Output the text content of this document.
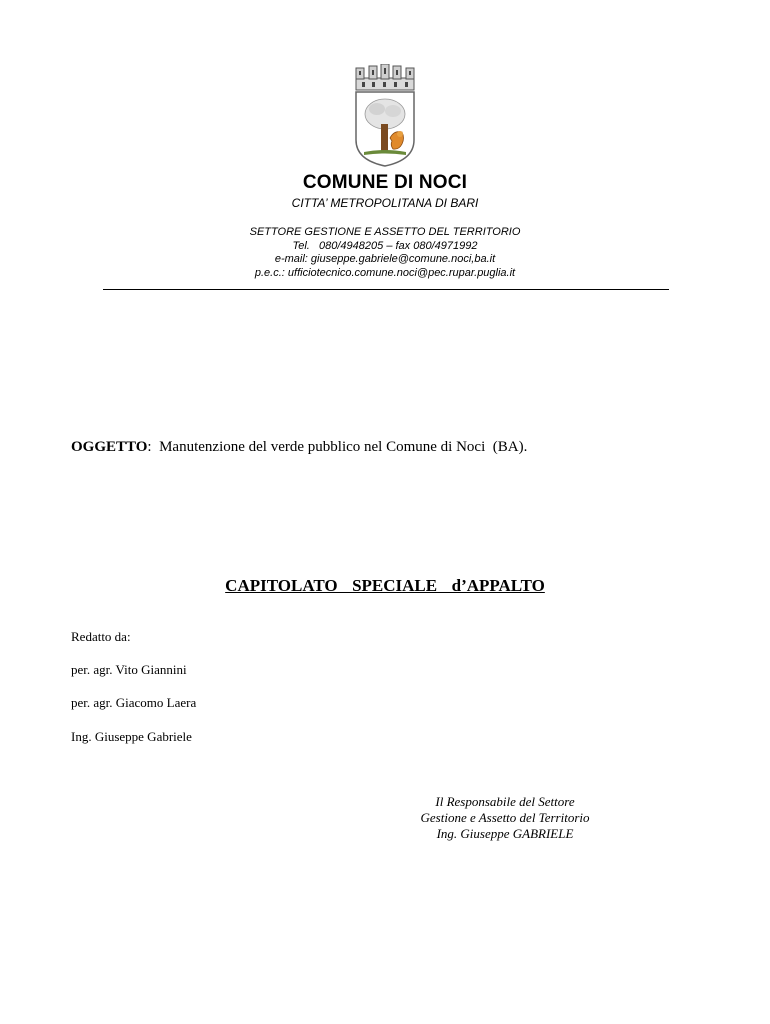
COMUNE DI NOCI
CITTA’ METROPOLITANA DI BARI
SETTORE GESTIONE E ASSETTO DEL TERRITORIO
Tel.   080/4948205 – fax 080/4971992
e-mail: giuseppe.gabriele@comune.noci,ba.it
p.e.c.: ufficiotecnico.comune.noci@pec.rupar.puglia.it
OGGETTO: Manutenzione del verde pubblico nel Comune di Noci  (BA).
CAPITOLATO  SPECIALE  d’APPALTO
Redatto da:
per. agr. Vito Giannini
per. agr. Giacomo Laera
Ing. Giuseppe Gabriele
Il Responsabile del Settore
Gestione e Assetto del Territorio
Ing. Giuseppe GABRIELE
